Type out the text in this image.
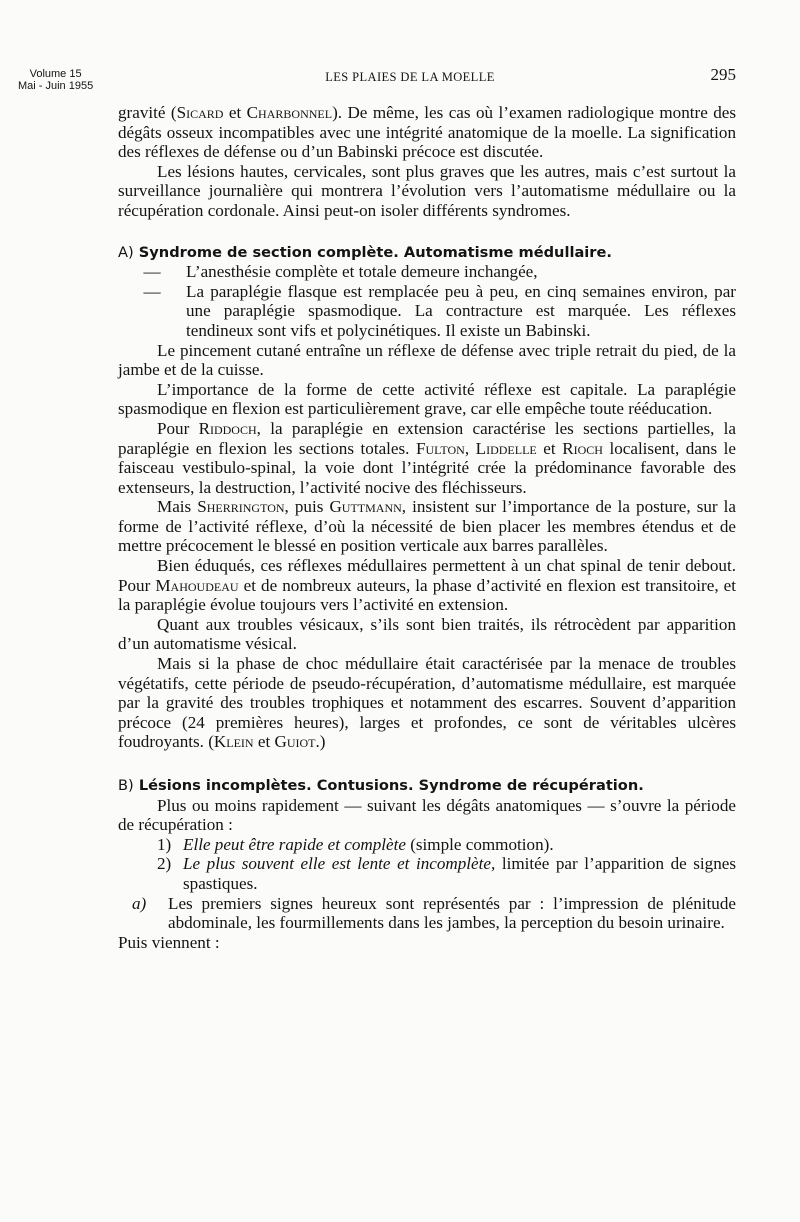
Volume 15
Mai - Juin 1955
LES PLAIES DE LA MOELLE	295

gravité (Sicard et Charbonnel). De même, les cas où l’examen radiologique montre des dégâts osseux incompatibles avec une intégrité anatomique de la moelle. La signification des réflexes de défense ou d’un Babinski précoce est discutée.

Les lésions hautes, cervicales, sont plus graves que les autres, mais c’est surtout la surveillance journalière qui montrera l’évolution vers l’automatisme médullaire ou la récupération cordonale. Ainsi peut-on isoler différents syndromes.

A) Syndrome de section complète. Automatisme médullaire.

—	L’anesthésie complète et totale demeure inchangée,
—	La paraplégie flasque est remplacée peu à peu, en cinq semaines environ, par une paraplégie spasmodique. La contracture est marquée. Les réflexes tendineux sont vifs et polycinétiques. Il existe un Babinski.

Le pincement cutané entraîne un réflexe de défense avec triple retrait du pied, de la jambe et de la cuisse.

L’importance de la forme de cette activité réflexe est capitale. La paraplégie spasmodique en flexion est particulièrement grave, car elle empêche toute rééducation.

Pour Riddoch, la paraplégie en extension caractérise les sections partielles, la paraplégie en flexion les sections totales. Fulton, Liddelle et Rioch localisent, dans le faisceau vestibulo-spinal, la voie dont l’intégrité crée la prédominance favorable des extenseurs, la destruction, l’activité nocive des fléchisseurs.

Mais Sherrington, puis Guttmann, insistent sur l’importance de la posture, sur la forme de l’activité réflexe, d’où la nécessité de bien placer les membres étendus et de mettre précocement le blessé en position verticale aux barres parallèles.

Bien éduqués, ces réflexes médullaires permettent à un chat spinal de tenir debout. Pour Mahoudeau et de nombreux auteurs, la phase d’activité en flexion est transitoire, et la paraplégie évolue toujours vers l’activité en extension.

Quant aux troubles vésicaux, s’ils sont bien traités, ils rétrocèdent par apparition d’un automatisme vésical.

Mais si la phase de choc médullaire était caractérisée par la menace de troubles végétatifs, cette période de pseudo-récupération, d’automatisme médullaire, est marquée par la gravité des troubles trophiques et notamment des escarres. Souvent d’apparition précoce (24 premières heures), larges et profondes, ce sont de véritables ulcères foudroyants. (Klein et Guiot.)

B) Lésions incomplètes. Contusions. Syndrome de récupération.

Plus ou moins rapidement — suivant les dégâts anatomiques — s’ouvre la période de récupération :

1) Elle peut être rapide et complète (simple commotion).
2) Le plus souvent elle est lente et incomplète, limitée par l’apparition de signes spastiques.
a)	Les premiers signes heureux sont représentés par : l’impression de plénitude abdominale, les fourmillements dans les jambes, la perception du besoin urinaire.

Puis viennent :
